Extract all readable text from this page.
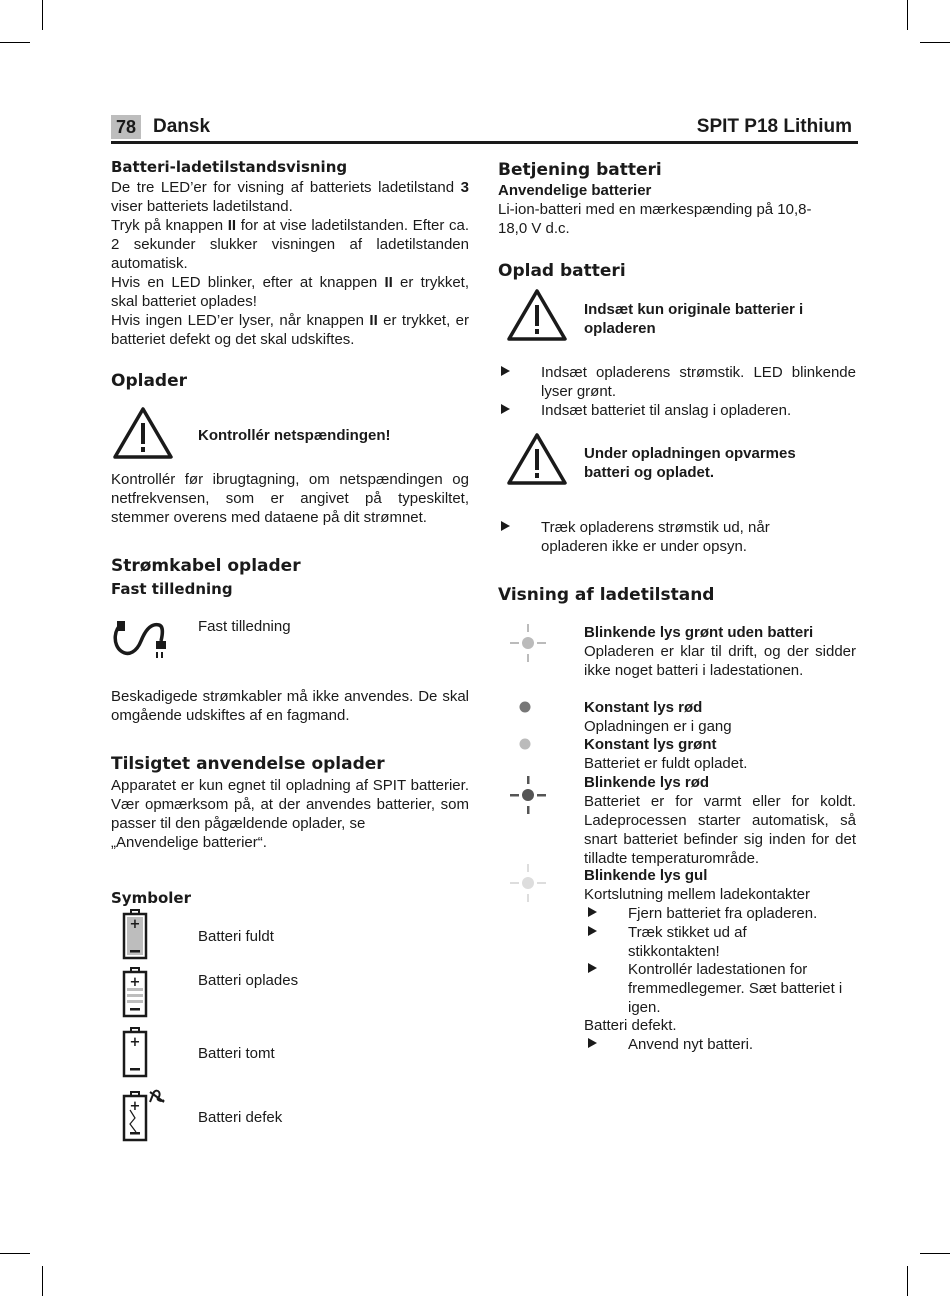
78 Dansk	SPIT P18 Lithium
Batteri-ladetilstandsvisning

De tre LED’er for visning af batteriets ladetilstand 3 viser batteriets ladetilstand.

Tryk på knappen II for at vise ladetilstanden. Efter ca. 2 sekunder slukker visningen af ladetilstanden automatisk.

Hvis en LED blinker, efter at knappen II er trykket, skal batteriet oplades!

Hvis ingen LED’er lyser, når knappen II er trykket, er batteriet defekt og det skal udskiftes.

Oplader
Kontrollér netspændingen!

Kontrollér før ibrugtagning, om netspændingen og netfrekvensen, som er angivet på typeskiltet, stemmer overens med dataene på dit strømnet.

Strømkabel oplader
Fast tilledning
Fast tilledning

Beskadigede strømkabler må ikke anvendes. De skal omgående udskiftes af en fagmand.

Tilsigtet anvendelse oplader

Apparatet er kun egnet til opladning af SPIT batterier. Vær opmærksom på, at der anvendes batterier, som passer til den pågældende oplader, se

„Anvendelige batterier“.

Symboler
+
Batteri fuldt
+	Batteri oplades
+
Batteri tomt
+
Batteri defek
Betjening batteri
Anvendelige batterier

Li-ion-batteri med en mærkespænding på 10,8-18,0 V d.c.

Oplad batteri
Indsæt kun originale batterier i opladeren
Indsæt opladerens strømstik. LED blinkende lyser grønt.
Indsæt batteriet til anslag i opladeren.
Under opladningen opvarmes batteri og opladet.
Træk opladerens strømstik ud, når opladeren ikke er under opsyn.
Visning af ladetilstand
Blinkende lys grønt uden batteri
Opladeren er klar til drift, og der sidder ikke noget batteri i ladestationen.
Konstant lys rød
Opladningen er i gang
Konstant lys grønt
Batteriet er fuldt opladet.
Blinkende lys rød
Batteriet er for varmt eller for koldt. Ladeprocessen starter automatisk, så snart batteriet befinder sig inden for det tilladte temperaturområde.
Blinkende lys gul
Kortslutning mellem ladekontakter
Fjern batteriet fra opladeren.
Træk stikket ud af stikkontakten!
Kontrollér ladestationen for fremmedlegemer. Sæt batteriet i igen.
Batteri defekt.
Anvend nyt batteri.
